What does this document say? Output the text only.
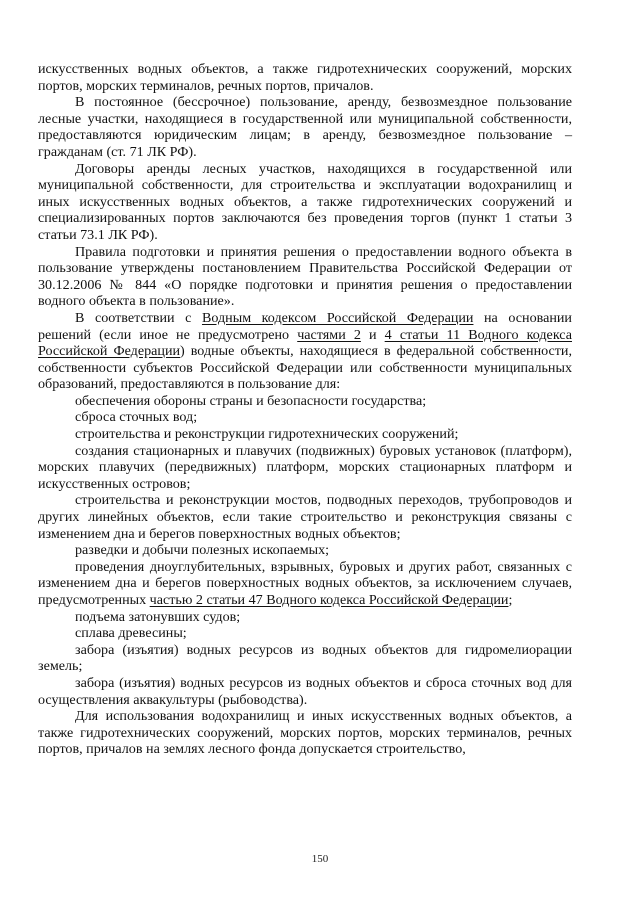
искусственных водных объектов, а также гидротехнических сооружений, морских портов, морских терминалов, речных портов, причалов.

В постоянное (бессрочное) пользование, аренду, безвозмездное пользование лесные участки, находящиеся в государственной или муниципальной собственности, предоставляются юридическим лицам; в аренду, безвозмездное пользование – гражданам (ст. 71 ЛК РФ).

Договоры аренды лесных участков, находящихся в государственной или муниципальной собственности, для строительства и эксплуатации водохранилищ и иных искусственных водных объектов, а также гидротехнических сооружений и специализированных портов заключаются без проведения торгов (пункт 1 статьи 3 статьи 73.1 ЛК РФ).

Правила подготовки и принятия решения о предоставлении водного объекта в пользование утверждены постановлением Правительства Российской Федерации от 30.12.2006 № 844 «О порядке подготовки и принятия решения о предоставлении водного объекта в пользование».

В соответствии с Водным кодексом Российской Федерации на основании решений (если иное не предусмотрено частями 2 и 4 статьи 11 Водного кодекса Российской Федерации) водные объекты, находящиеся в федеральной собственности, собственности субъектов Российской Федерации или собственности муниципальных образований, предоставляются в пользование для:

обеспечения обороны страны и безопасности государства;

сброса сточных вод;

строительства и реконструкции гидротехнических сооружений;

создания стационарных и плавучих (подвижных) буровых установок (платформ), морских плавучих (передвижных) платформ, морских стационарных платформ и искусственных островов;

строительства и реконструкции мостов, подводных переходов, трубопроводов и других линейных объектов, если такие строительство и реконструкция связаны с изменением дна и берегов поверхностных водных объектов;

разведки и добычи полезных ископаемых;

проведения дноуглубительных, взрывных, буровых и других работ, связанных с изменением дна и берегов поверхностных водных объектов, за исключением случаев, предусмотренных частью 2 статьи 47 Водного кодекса Российской Федерации;

подъема затонувших судов;

сплава древесины;

забора (изъятия) водных ресурсов из водных объектов для гидромелиорации земель;

забора (изъятия) водных ресурсов из водных объектов и сброса сточных вод для осуществления аквакультуры (рыбоводства).

Для использования водохранилищ и иных искусственных водных объектов, а также гидротехнических сооружений, морских портов, морских терминалов, речных портов, причалов на землях лесного фонда допускается строительство,

150
